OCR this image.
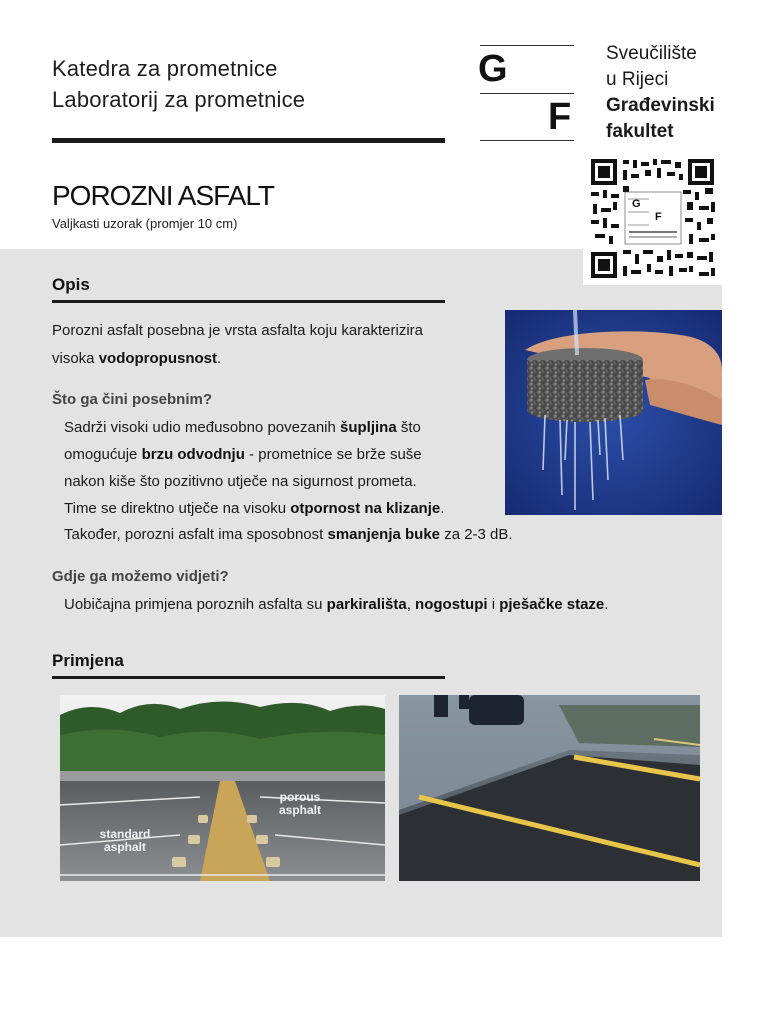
Katedra za prometnice
Laboratorij za prometnice
G
F
Sveučilište
u Rijeci
Građevinski
fakultet
POROZNI ASFALT
Valjkasti uzorak (promjer 10 cm)
G
F
Opis
Porozni asfalt posebna je vrsta asfalta koju karakterizira
visoka vodopropusnost.
Što ga čini posebnim?
Sadrži visoki udio međusobno povezanih šupljina što
omogućuje brzu odvodnju - prometnice se brže suše
nakon kiše što pozitivno utječe na sigurnost prometa.
Time se direktno utječe na visoku otpornost na klizanje.
Također, porozni asfalt ima sposobnost smanjenja buke za 2-3 dB.
Gdje ga možemo vidjeti?
Uobičajna primjena poroznih asfalta su parkirališta, nogostupi i pješačke staze.
Primjena
standard asphalt
porous asphalt
